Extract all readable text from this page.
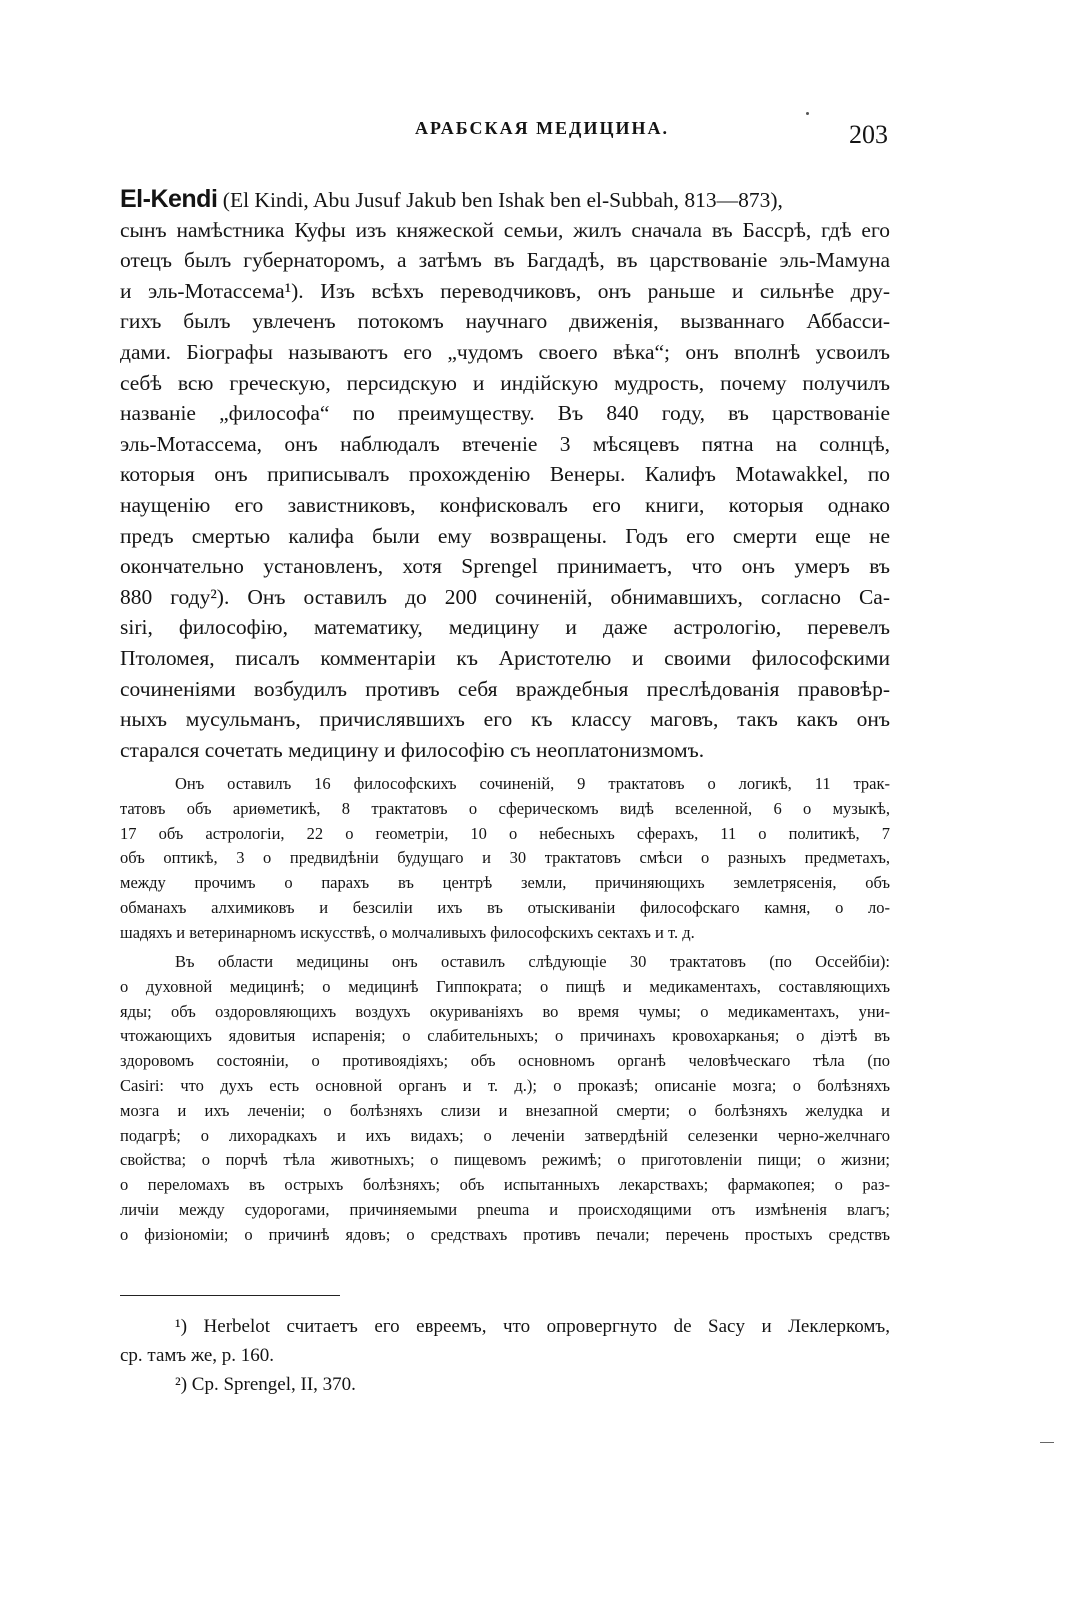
АРАБСКАЯ МЕДИЦИНА.	203
El-Kendi (El Kindi, Abu Jusuf Jakub ben Ishak ben el-Subbah, 813—873),
сынъ намѣстника Куфы изъ княжеской семьи, жилъ сначала въ Бассрѣ, гдѣ его
отецъ былъ губернаторомъ, а затѣмъ въ Багдадѣ, въ царствованіе эль-Мамуна
и эль-Мотассема¹). Изъ всѣхъ переводчиковъ, онъ раньше и сильнѣе дру-
гихъ былъ увлеченъ потокомъ научнаго движенія, вызваннаго Аббасси-
дами. Біографы называютъ его „чудомъ своего вѣка“; онъ вполнѣ усвоилъ
себѣ всю греческую, персидскую и индійскую мудрость, почему получилъ
названіе „философа“ по преимуществу. Въ 840 году, въ царствованіе
эль-Мотассема, онъ наблюдалъ втеченіе 3 мѣсяцевъ пятна на солнцѣ,
которыя онъ приписывалъ прохожденію Венеры. Калифъ Motawakkel, по
наущенію его завистниковъ, конфисковалъ его книги, которыя однако
предъ смертью калифа были ему возвращены. Годъ его смерти еще не
окончательно установленъ, хотя Sprengel принимаетъ, что онъ умеръ въ
880 году²). Онъ оставилъ до 200 сочиненій, обнимавшихъ, согласно Са-
siri, философію, математику, медицину и даже астрологію, перевелъ
Птоломея, писалъ комментаріи къ Аристотелю и своими философскими
сочиненіями возбудилъ противъ себя враждебныя преслѣдованія правовѣр-
ныхъ мусульманъ, причислявшихъ его къ классу маговъ, такъ какъ онъ
старался сочетать медицину и философію съ неоплатонизмомъ.
Онъ оставилъ 16 философскихъ сочиненій, 9 трактатовъ о логикѣ, 11 трак-
татовъ объ ариѳметикѣ, 8 трактатовъ о сферическомъ видѣ вселенной, 6 о музыкѣ,
17 объ астрологіи, 22 о геометріи, 10 о небесныхъ сферахъ, 11 о политикѣ, 7
объ оптикѣ, 3 о предвидѣніи будущаго и 30 трактатовъ смѣси о разныхъ предметахъ,
между прочимъ о парахъ въ центрѣ земли, причиняющихъ землетрясенія, объ
обманахъ алхимиковъ и безсиліи ихъ въ отыскиваніи философскаго камня, о ло-
шадяхъ и ветеринарномъ искусствѣ, о молчаливыхъ философскихъ сектахъ и т. д.
Въ области медицины онъ оставилъ слѣдующіе 30 трактатовъ (по Оссейбіи):
о духовной медицинѣ; о медицинѣ Гиппократа; о пищѣ и медикаментахъ, составляющихъ
яды; объ оздоровляющихъ воздухъ окуриваніяхъ во время чумы; о медикаментахъ, уни-
чтожающихъ ядовитыя испаренія; о слабительныхъ; о причинахъ кровохарканья; о діэтѣ въ
здоровомъ состояніи, о противоядіяхъ; объ основномъ органѣ человѣческаго тѣла (по
Casiri: что духъ есть основной органъ и т. д.); о проказѣ; описаніе мозга; о болѣзняхъ
мозга и ихъ леченіи; о болѣзняхъ слизи и внезапной смерти; о болѣзняхъ желудка и
подагрѣ; о лихорадкахъ и ихъ видахъ; о леченіи затвердѣній селезенки черно-желчнаго
свойства; о порчѣ тѣла животныхъ; о пищевомъ режимѣ; о приготовленіи пищи; о жизни;
о переломахъ въ острыхъ болѣзняхъ; объ испытанныхъ лекарствахъ; фармакопея; о раз-
личіи между судорогами, причиняемыми pneuma и происходящими отъ измѣненія влагъ;
о физіономіи; о причинѣ ядовъ; о средствахъ противъ печали; перечень простыхъ средствъ
¹) Herbelot считаетъ его евреемъ, что опровергнуто de Sacy и Леклеркомъ,
ср. тамъ же, p. 160.
²) Ср. Sprengel, II, 370.
